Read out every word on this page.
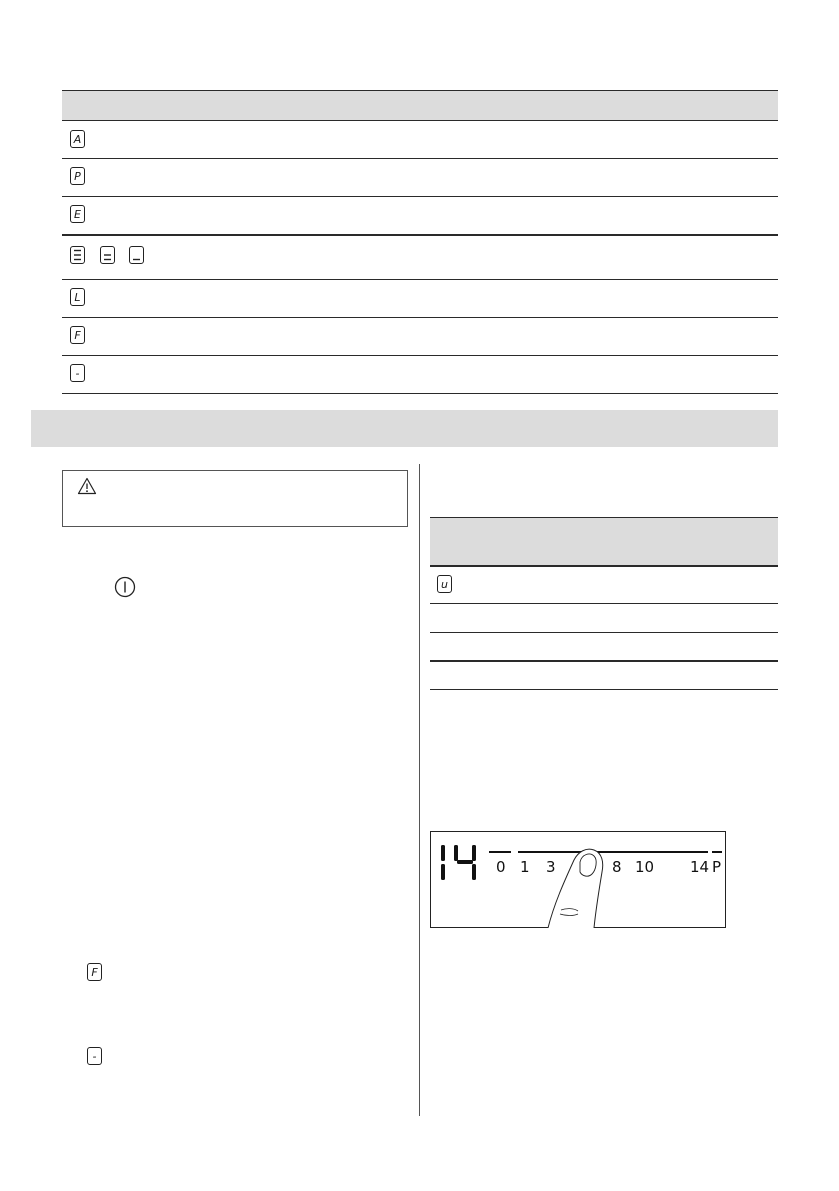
A
P
E
L
F
-
F
-
u
0 1 3	8 10 14 P
